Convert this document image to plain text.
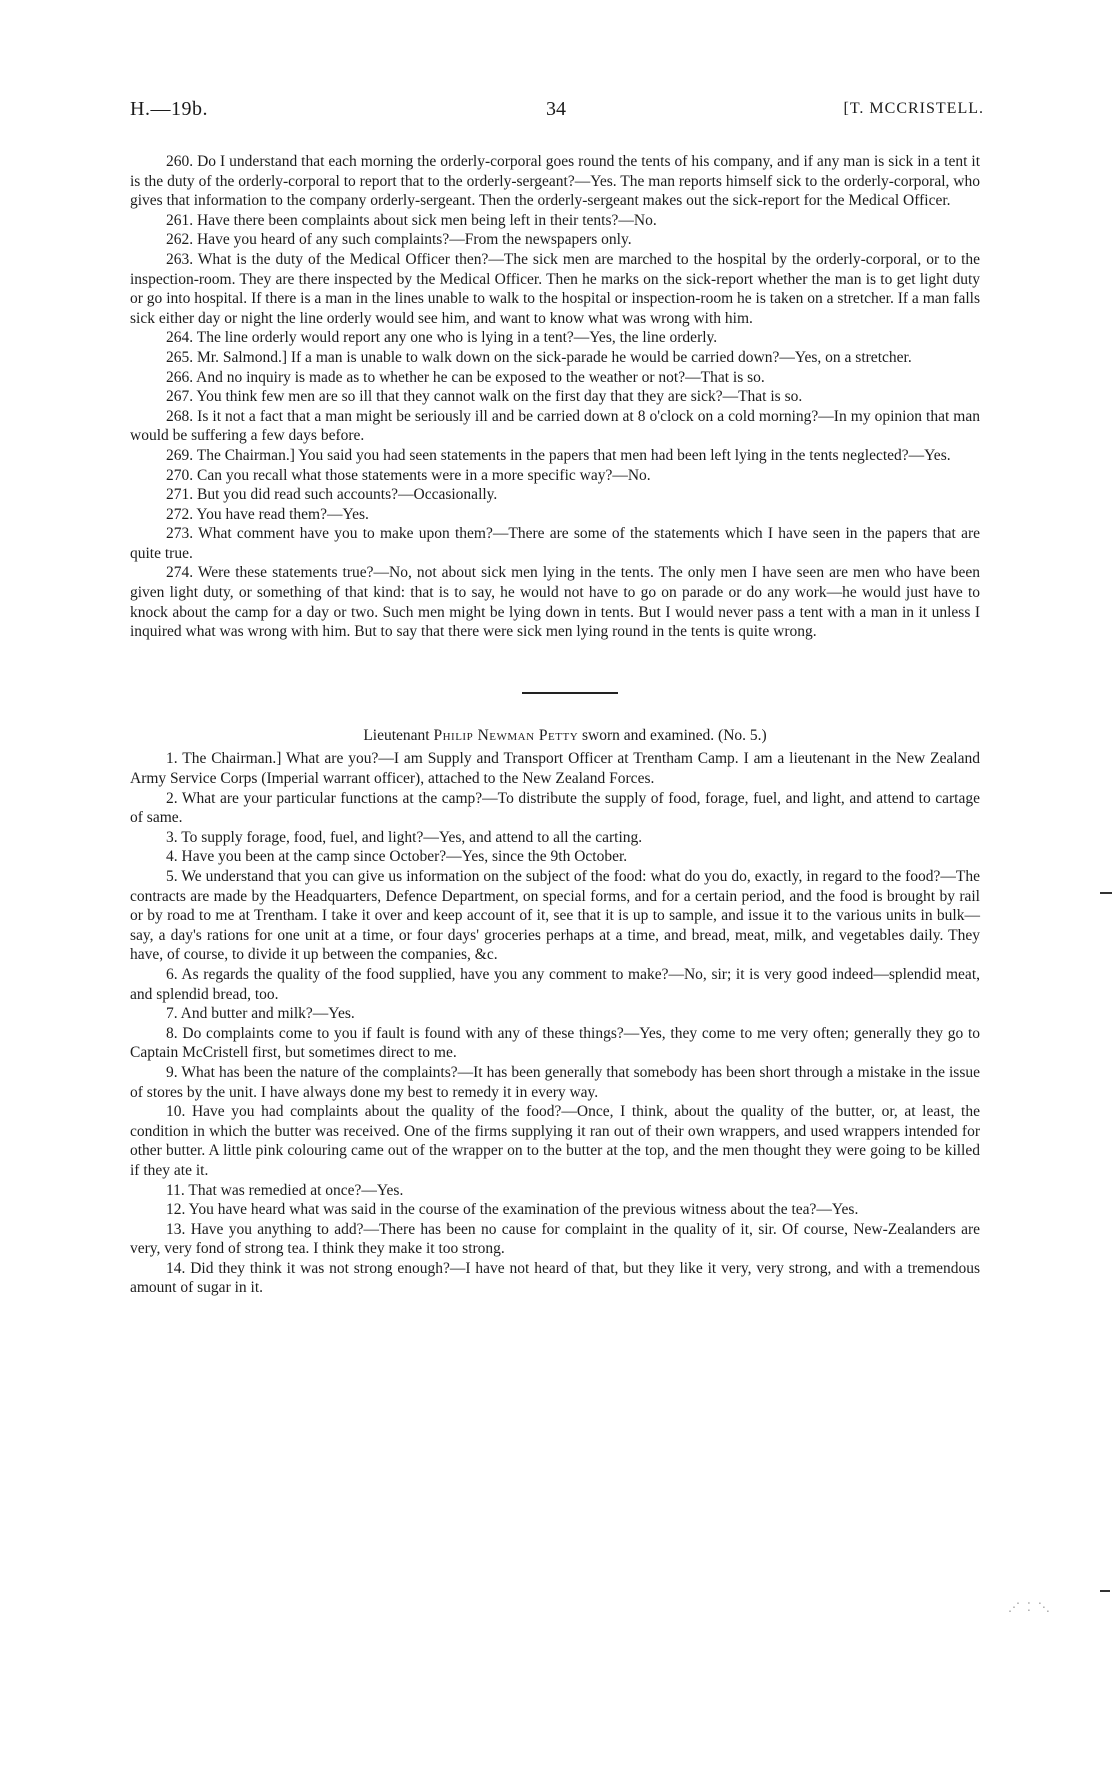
H.—19b.	34	[T. MCCRISTELL.

260. Do I understand that each morning the orderly-corporal goes round the tents of his company, and if any man is sick in a tent it is the duty of the orderly-corporal to report that to the orderly-sergeant?—Yes. The man reports himself sick to the orderly-corporal, who gives that information to the company orderly-sergeant. Then the orderly-sergeant makes out the sick-report for the Medical Officer.

261. Have there been complaints about sick men being left in their tents?—No.

262. Have you heard of any such complaints?—From the newspapers only.

263. What is the duty of the Medical Officer then?—The sick men are marched to the hospital by the orderly-corporal, or to the inspection-room. They are there inspected by the Medical Officer. Then he marks on the sick-report whether the man is to get light duty or go into hospital. If there is a man in the lines unable to walk to the hospital or inspection-room he is taken on a stretcher. If a man falls sick either day or night the line orderly would see him, and want to know what was wrong with him.

264. The line orderly would report any one who is lying in a tent?—Yes, the line orderly.

265. Mr. Salmond.] If a man is unable to walk down on the sick-parade he would be carried down?—Yes, on a stretcher.

266. And no inquiry is made as to whether he can be exposed to the weather or not?—That is so.

267. You think few men are so ill that they cannot walk on the first day that they are sick?—That is so.

268. Is it not a fact that a man might be seriously ill and be carried down at 8 o'clock on a cold morning?—In my opinion that man would be suffering a few days before.

269. The Chairman.] You said you had seen statements in the papers that men had been left lying in the tents neglected?—Yes.

270. Can you recall what those statements were in a more specific way?—No.

271. But you did read such accounts?—Occasionally.

272. You have read them?—Yes.

273. What comment have you to make upon them?—There are some of the statements which I have seen in the papers that are quite true.

274. Were these statements true?—No, not about sick men lying in the tents. The only men I have seen are men who have been given light duty, or something of that kind: that is to say, he would not have to go on parade or do any work—he would just have to knock about the camp for a day or two. Such men might be lying down in tents. But I would never pass a tent with a man in it unless I inquired what was wrong with him. But to say that there were sick men lying round in the tents is quite wrong.

Lieutenant Philip Newman Petty sworn and examined. (No. 5.)

1. The Chairman.] What are you?—I am Supply and Transport Officer at Trentham Camp. I am a lieutenant in the New Zealand Army Service Corps (Imperial warrant officer), attached to the New Zealand Forces.

2. What are your particular functions at the camp?—To distribute the supply of food, forage, fuel, and light, and attend to cartage of same.

3. To supply forage, food, fuel, and light?—Yes, and attend to all the carting.

4. Have you been at the camp since October?—Yes, since the 9th October.

5. We understand that you can give us information on the subject of the food: what do you do, exactly, in regard to the food?—The contracts are made by the Headquarters, Defence Department, on special forms, and for a certain period, and the food is brought by rail or by road to me at Trentham. I take it over and keep account of it, see that it is up to sample, and issue it to the various units in bulk—say, a day's rations for one unit at a time, or four days' groceries perhaps at a time, and bread, meat, milk, and vegetables daily. They have, of course, to divide it up between the companies, &c.

6. As regards the quality of the food supplied, have you any comment to make?—No, sir; it is very good indeed—splendid meat, and splendid bread, too.

7. And butter and milk?—Yes.

8. Do complaints come to you if fault is found with any of these things?—Yes, they come to me very often; generally they go to Captain McCristell first, but sometimes direct to me.

9. What has been the nature of the complaints?—It has been generally that somebody has been short through a mistake in the issue of stores by the unit. I have always done my best to remedy it in every way.

10. Have you had complaints about the quality of the food?—Once, I think, about the quality of the butter, or, at least, the condition in which the butter was received. One of the firms supplying it ran out of their own wrappers, and used wrappers intended for other butter. A little pink colouring came out of the wrapper on to the butter at the top, and the men thought they were going to be killed if they ate it.

11. That was remedied at once?—Yes.

12. You have heard what was said in the course of the examination of the previous witness about the tea?—Yes.

13. Have you anything to add?—There has been no cause for complaint in the quality of it, sir. Of course, New-Zealanders are very, very fond of strong tea. I think they make it too strong.

14. Did they think it was not strong enough?—I have not heard of that, but they like it very, very strong, and with a tremendous amount of sugar in it.

⋰ ⁚ ⋱
